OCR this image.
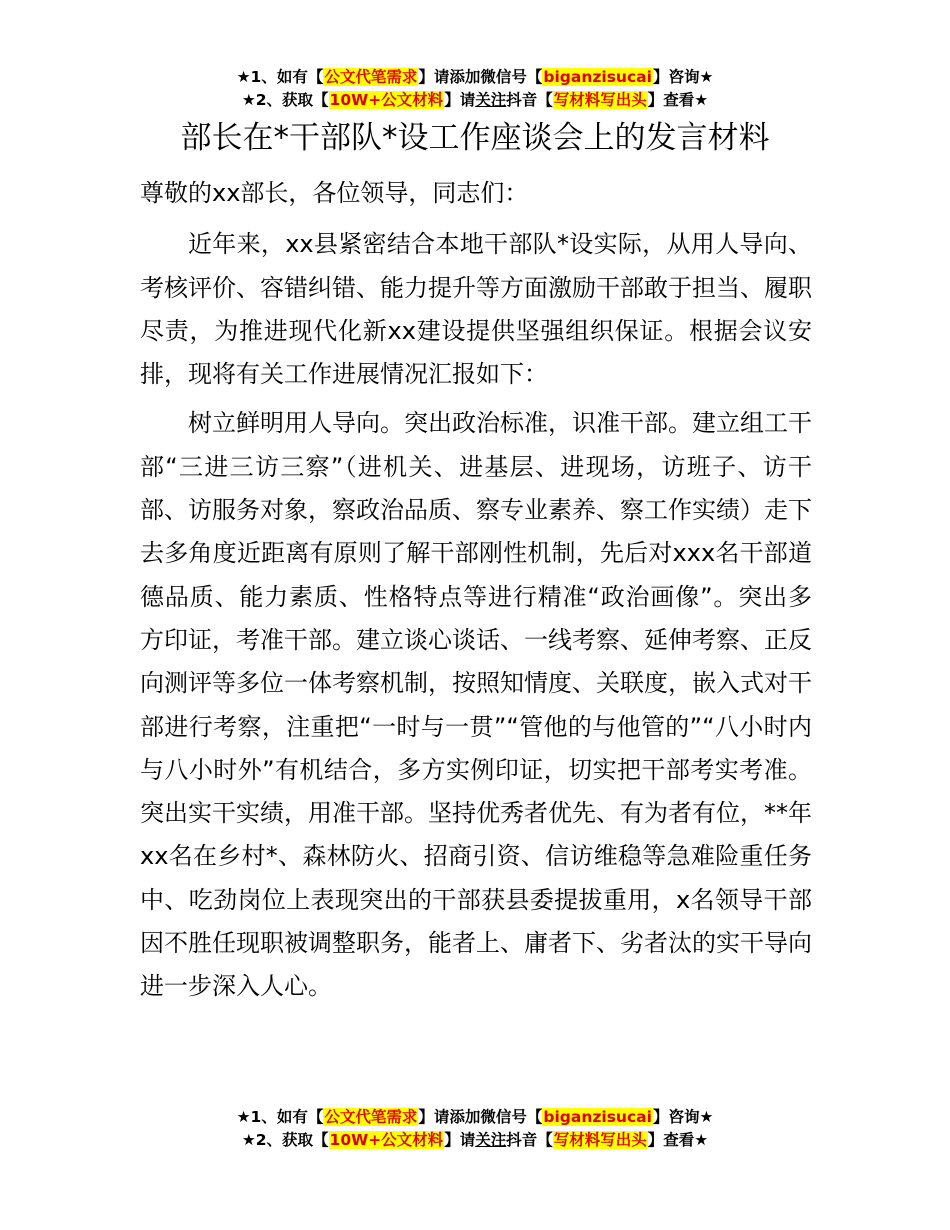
★1、如有【公文代笔需求】请添加微信号【biganzisucai】咨询★
★2、获取【10W+公文材料】请关注抖音【写材料写出头】查看★
部长在*干部队*设工作座谈会上的发言材料

尊敬的xx部长，各位领导，同志们：

近年来，xx县紧密结合本地干部队*设实际，从用人导向、考核评价、容错纠错、能力提升等方面激励干部敢于担当、履职尽责，为推进现代化新xx建设提供坚强组织保证。根据会议安排，现将有关工作进展情况汇报如下：

树立鲜明用人导向。突出政治标准，识准干部。建立组工干部“三进三访三察”（进机关、进基层、进现场，访班子、访干部、访服务对象，察政治品质、察专业素养、察工作实绩）走下去多角度近距离有原则了解干部刚性机制，先后对xxx名干部道德品质、能力素质、性格特点等进行精准“政治画像”。突出多方印证，考准干部。建立谈心谈话、一线考察、延伸考察、正反向测评等多位一体考察机制，按照知情度、关联度，嵌入式对干部进行考察，注重把“一时与一贯”“管他的与他管的”“八小时内与八小时外”有机结合，多方实例印证，切实把干部考实考准。突出实干实绩，用准干部。坚持优秀者优先、有为者有位，**年xx名在乡村*、森林防火、招商引资、信访维稳等急难险重任务中、吃劲岗位上表现突出的干部获县委提拔重用，x名领导干部因不胜任现职被调整职务，能者上、庸者下、劣者汰的实干导向进一步深入人心。

★1、如有【公文代笔需求】请添加微信号【biganzisucai】咨询★
★2、获取【10W+公文材料】请关注抖音【写材料写出头】查看★
